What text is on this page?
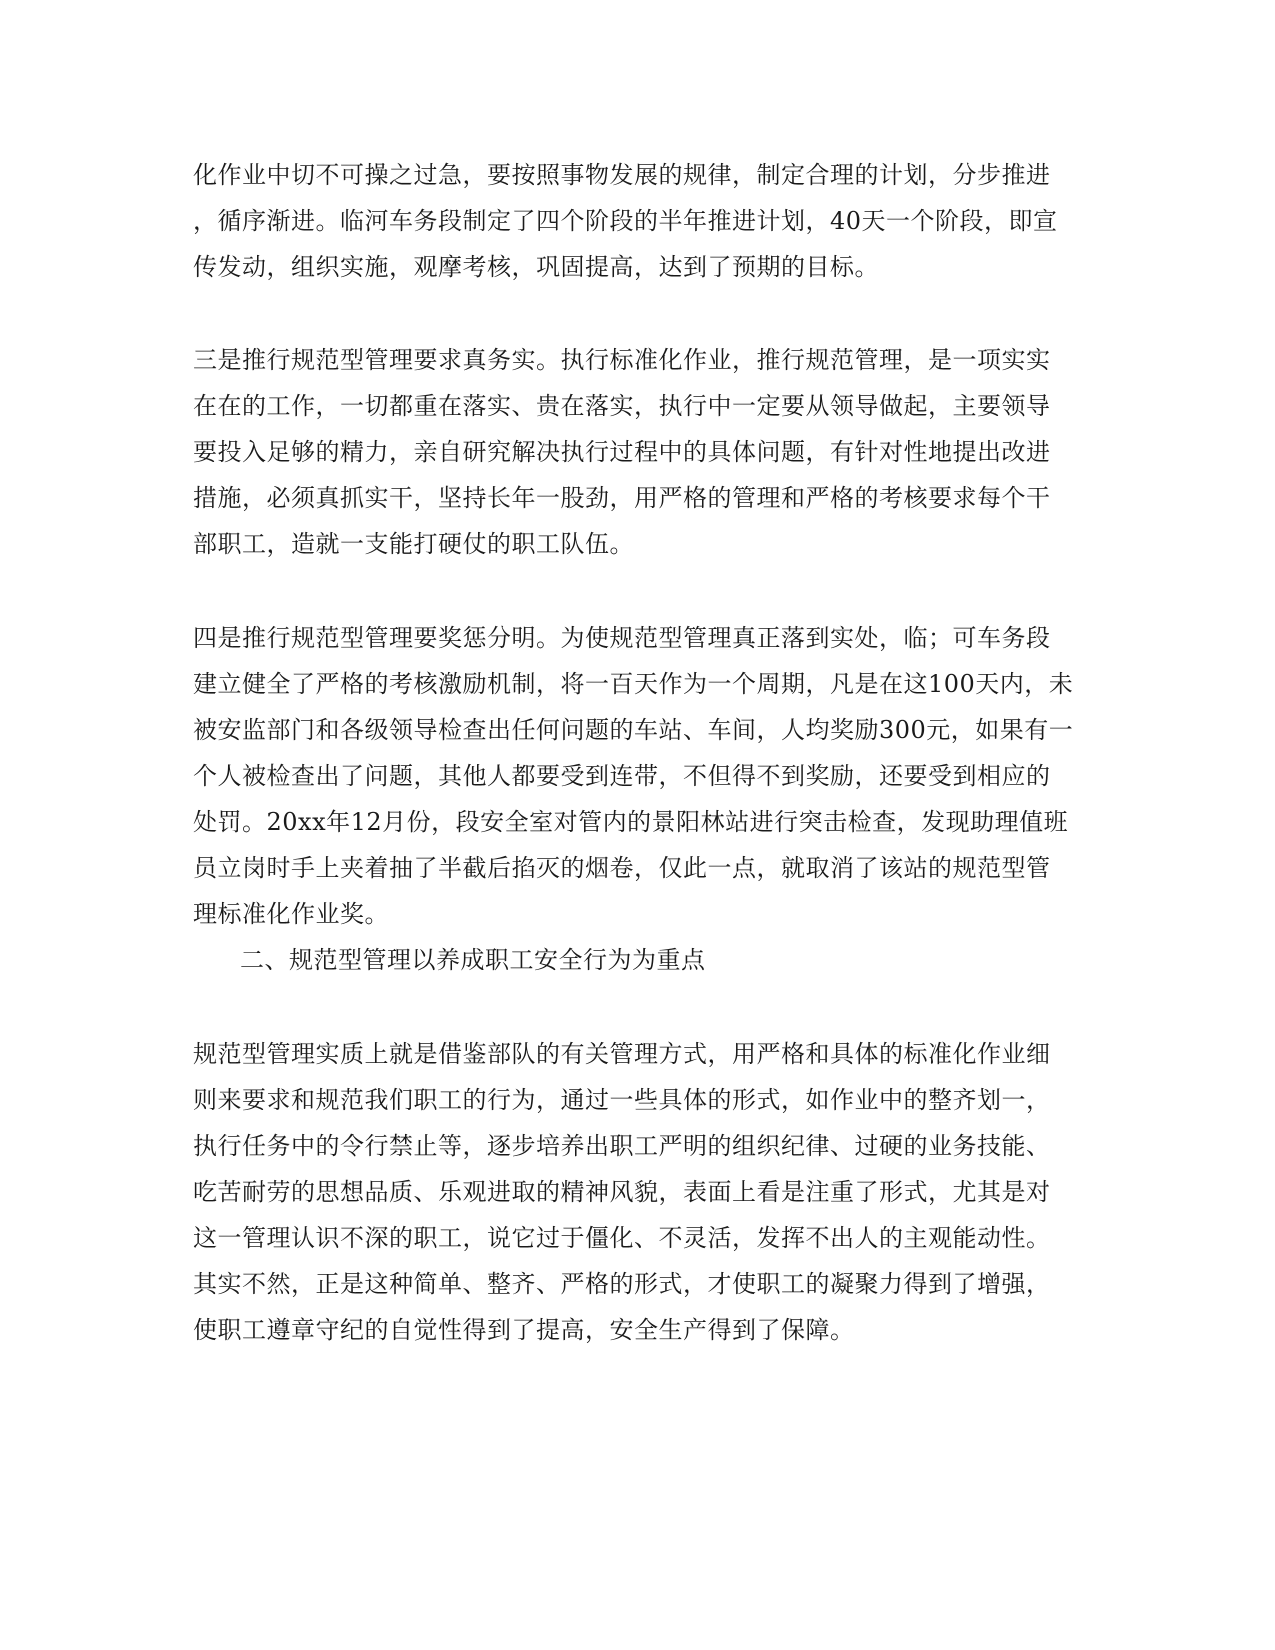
化作业中切不可操之过急，要按照事物发展的规律，制定合理的计划，分步推进
，循序渐进。临河车务段制定了四个阶段的半年推进计划，40天一个阶段，即宣
传发动，组织实施，观摩考核，巩固提高，达到了预期的目标。
三是推行规范型管理要求真务实。执行标准化作业，推行规范管理，是一项实实
在在的工作，一切都重在落实、贵在落实，执行中一定要从领导做起，主要领导
要投入足够的精力，亲自研究解决执行过程中的具体问题，有针对性地提出改进
措施，必须真抓实干，坚持长年一股劲，用严格的管理和严格的考核要求每个干
部职工，造就一支能打硬仗的职工队伍。
四是推行规范型管理要奖惩分明。为使规范型管理真正落到实处，临；可车务段
建立健全了严格的考核激励机制，将一百天作为一个周期，凡是在这100天内，未
被安监部门和各级领导检查出任何问题的车站、车间，人均奖励300元，如果有一
个人被检查出了问题，其他人都要受到连带，不但得不到奖励，还要受到相应的
处罚。20xx年12月份，段安全室对管内的景阳林站进行突击检查，发现助理值班
员立岗时手上夹着抽了半截后掐灭的烟卷，仅此一点，就取消了该站的规范型管
理标准化作业奖。
二、规范型管理以养成职工安全行为为重点
规范型管理实质上就是借鉴部队的有关管理方式，用严格和具体的标准化作业细
则来要求和规范我们职工的行为，通过一些具体的形式，如作业中的整齐划一，
执行任务中的令行禁止等，逐步培养出职工严明的组织纪律、过硬的业务技能、
吃苦耐劳的思想品质、乐观进取的精神风貌，表面上看是注重了形式，尤其是对
这一管理认识不深的职工，说它过于僵化、不灵活，发挥不出人的主观能动性。
其实不然，正是这种简单、整齐、严格的形式，才使职工的凝聚力得到了增强，
使职工遵章守纪的自觉性得到了提高，安全生产得到了保障。
